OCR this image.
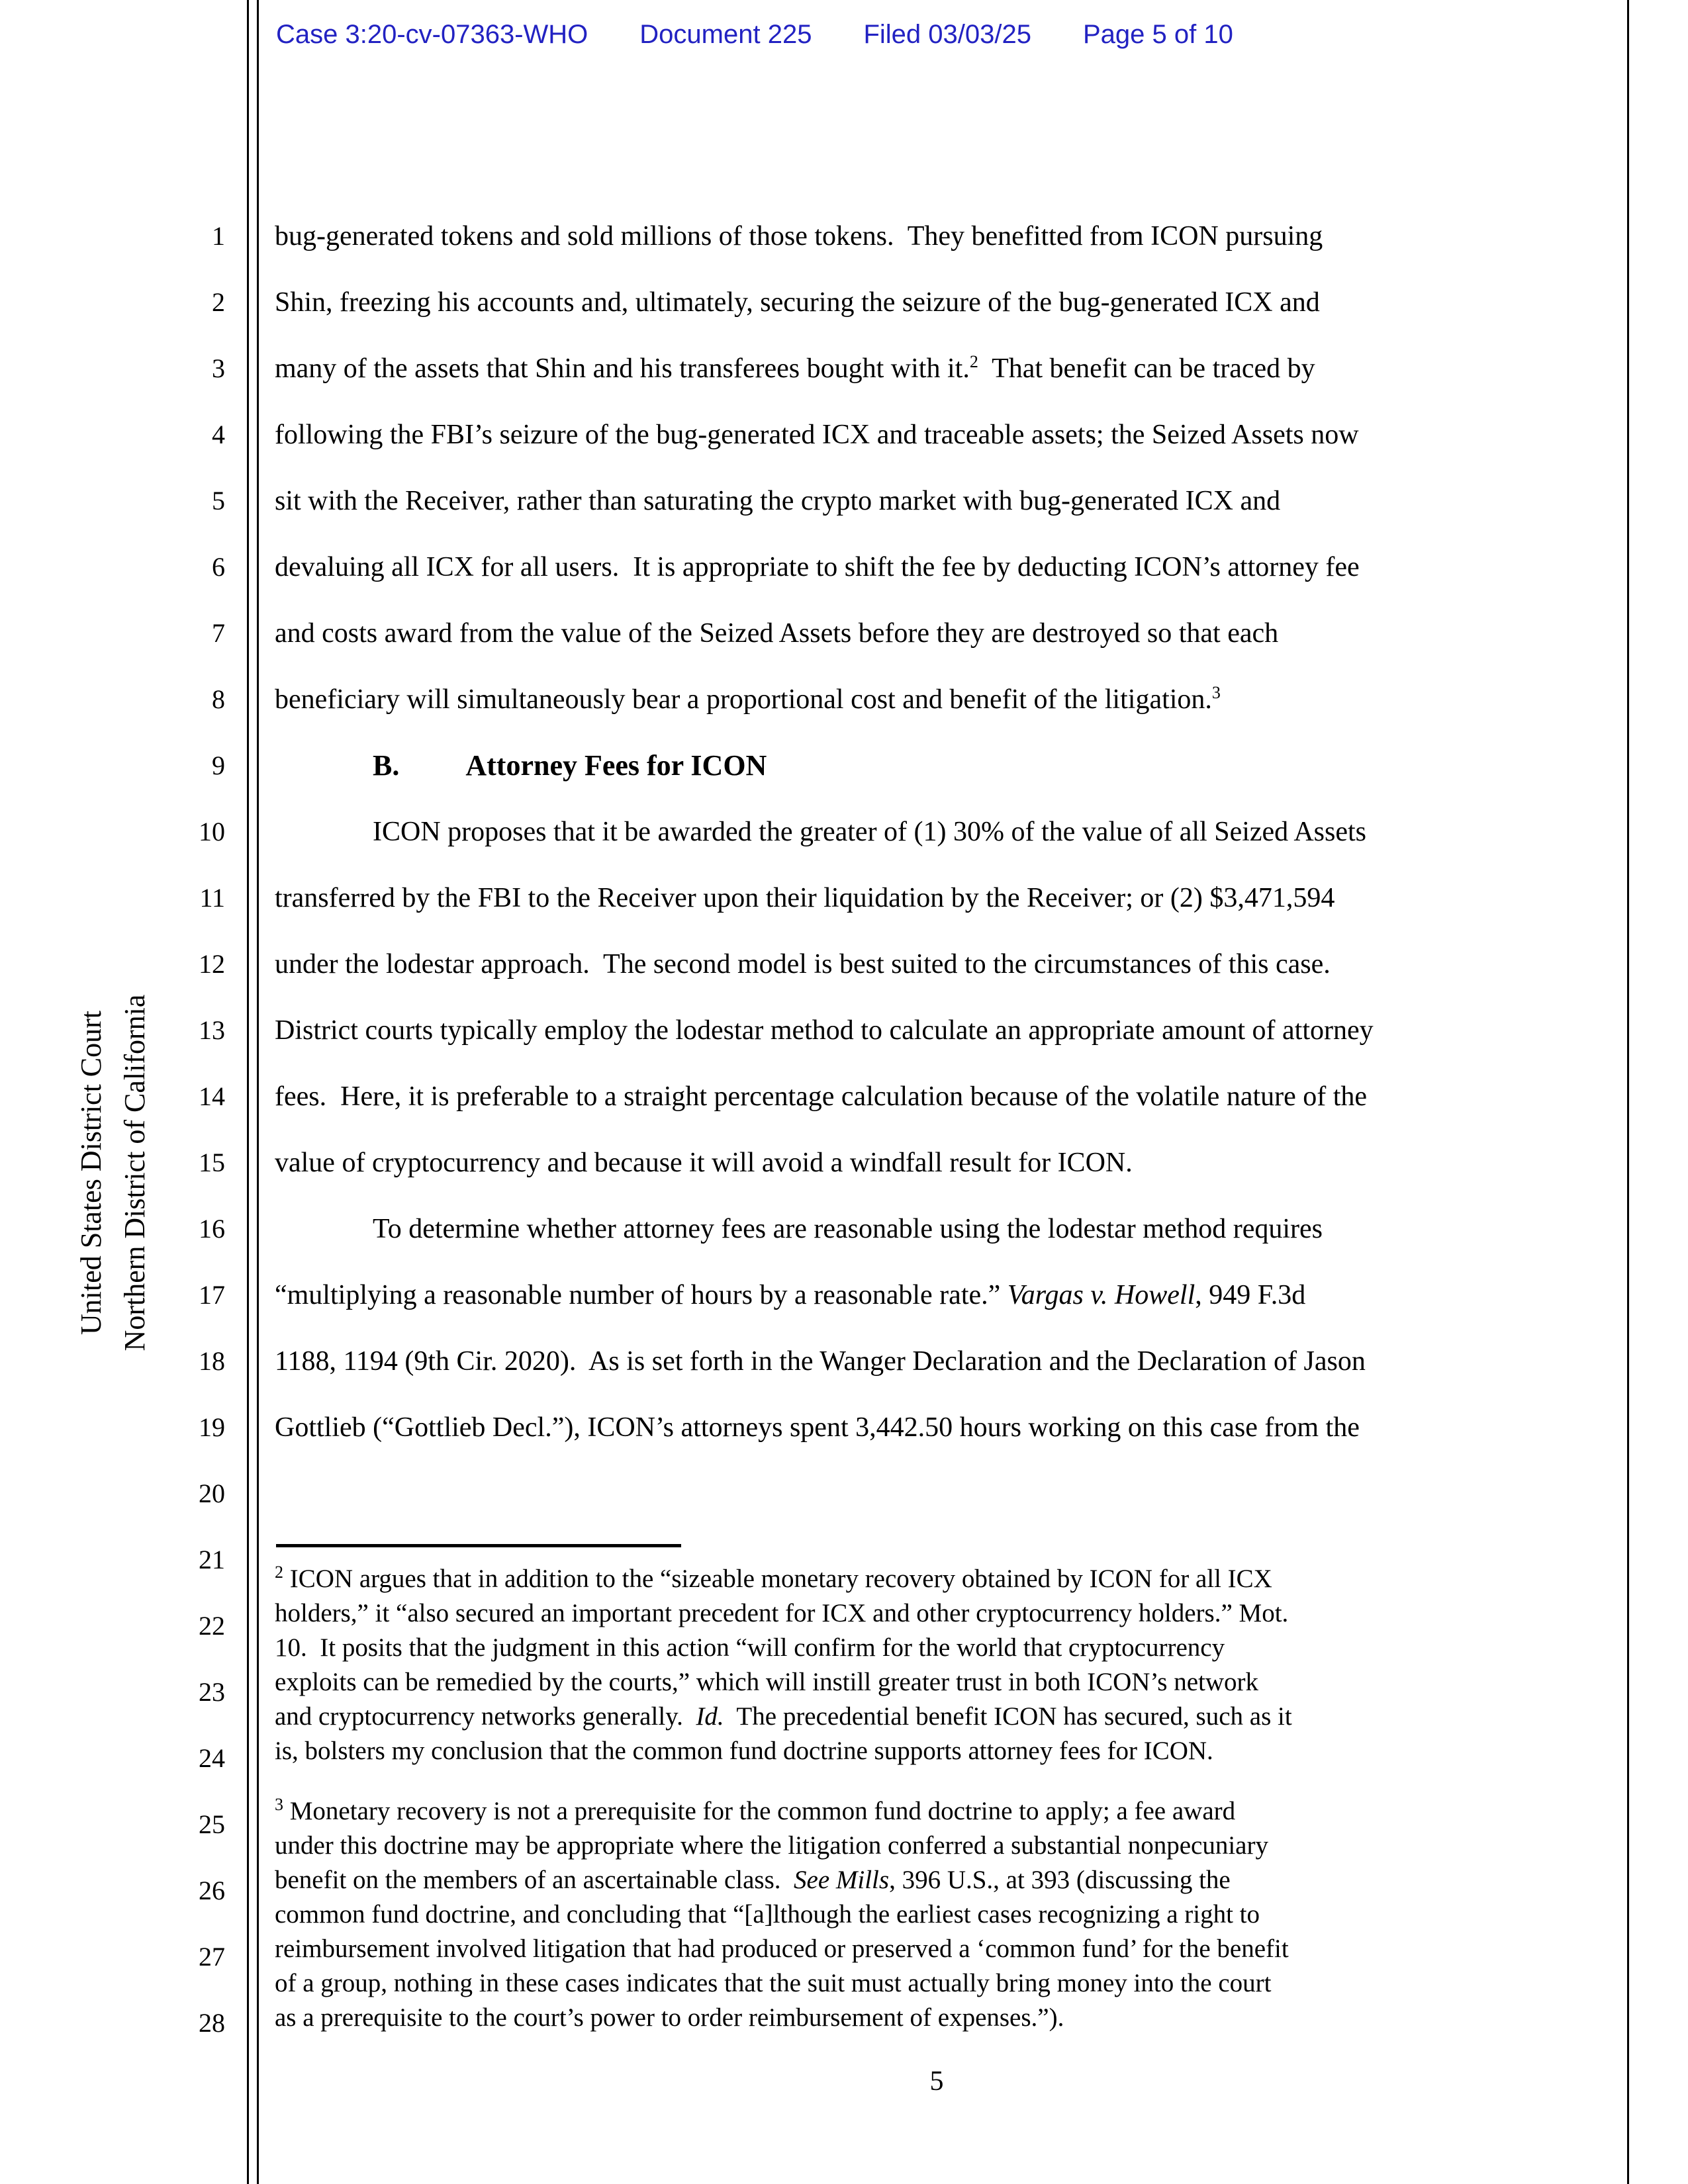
Case 3:20-cv-07363-WHO Document 225 Filed 03/03/25 Page 5 of 10
United States District Court Northern District of California
1
2
3
4
5
6
7
8
9
10
11
12
13
14
15
16
17
18
19
20
21
22
23
24
25
26
27
28
bug-generated tokens and sold millions of those tokens.  They benefitted from ICON pursuing
Shin, freezing his accounts and, ultimately, securing the seizure of the bug-generated ICX and
many of the assets that Shin and his transferees bought with it.$^2$  That benefit can be traced by
following the FBI’s seizure of the bug-generated ICX and traceable assets; the Seized Assets now
sit with the Receiver, rather than saturating the crypto market with bug-generated ICX and
devaluing all ICX for all users.  It is appropriate to shift the fee by deducting ICON’s attorney fee
and costs award from the value of the Seized Assets before they are destroyed so that each
beneficiary will simultaneously bear a proportional cost and benefit of the litigation.$^3$
B. Attorney Fees for ICON
ICON proposes that it be awarded the greater of (1) 30% of the value of all Seized Assets
transferred by the FBI to the Receiver upon their liquidation by the Receiver; or (2) $3,471,594
under the lodestar approach.  The second model is best suited to the circumstances of this case.
District courts typically employ the lodestar method to calculate an appropriate amount of attorney
fees.  Here, it is preferable to a straight percentage calculation because of the volatile nature of the
value of cryptocurrency and because it will avoid a windfall result for ICON.
To determine whether attorney fees are reasonable using the lodestar method requires
“multiplying a reasonable number of hours by a reasonable rate.” Vargas v. Howell, 949 F.3d
1188, 1194 (9th Cir. 2020).  As is set forth in the Wanger Declaration and the Declaration of Jason
Gottlieb (“Gottlieb Decl.”), ICON’s attorneys spent 3,442.50 hours working on this case from the
$^2$ ICON argues that in addition to the “sizeable monetary recovery obtained by ICON for all ICX
holders,” it “also secured an important precedent for ICX and other cryptocurrency holders.” Mot.
10.  It posits that the judgment in this action “will confirm for the world that cryptocurrency
exploits can be remedied by the courts,” which will instill greater trust in both ICON’s network
and cryptocurrency networks generally.  Id.  The precedential benefit ICON has secured, such as it
is, bolsters my conclusion that the common fund doctrine supports attorney fees for ICON.
$^3$ Monetary recovery is not a prerequisite for the common fund doctrine to apply; a fee award
under this doctrine may be appropriate where the litigation conferred a substantial nonpecuniary
benefit on the members of an ascertainable class.  See Mills, 396 U.S., at 393 (discussing the
common fund doctrine, and concluding that “[a]lthough the earliest cases recognizing a right to
reimbursement involved litigation that had produced or preserved a ‘common fund’ for the benefit
of a group, nothing in these cases indicates that the suit must actually bring money into the court
as a prerequisite to the court’s power to order reimbursement of expenses.”).
5
